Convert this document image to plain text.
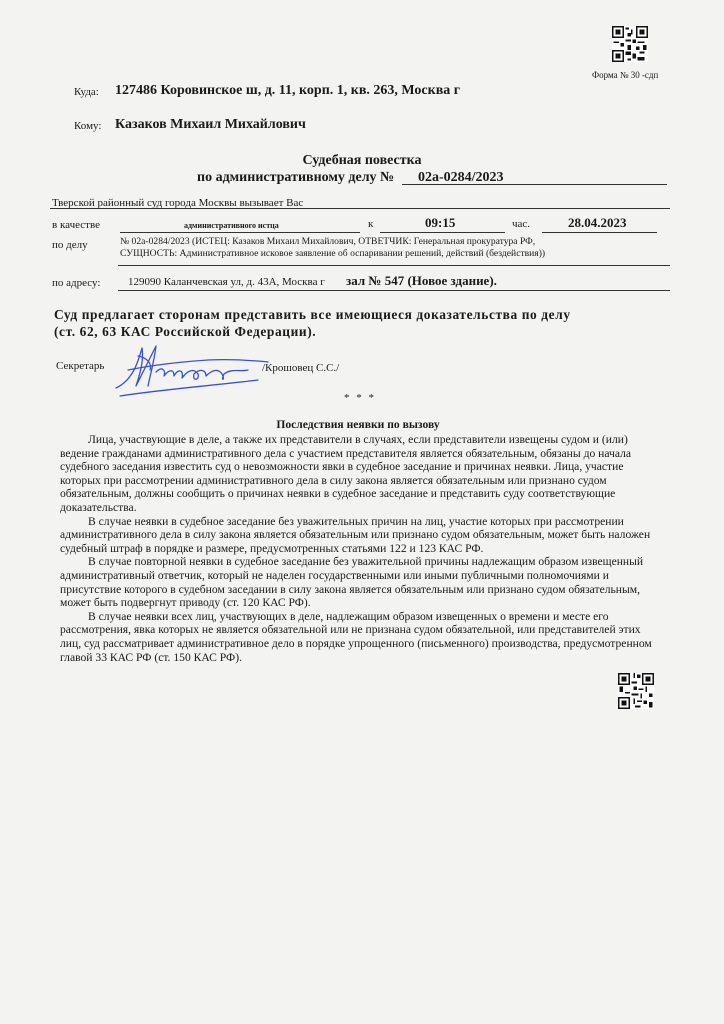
Форма № 30 -сдп
Куда: 127486 Коровинское ш, д. 11, корп. 1, кв. 263, Москва г
Кому: Казаков Михаил Михайлович
Судебная повестка
по административному делу № 02а-0284/2023
Тверской районный суд города Москвы вызывает Вас
в качестве	административного истца	к	09:15	час.	28.04.2023
по делу	№ 02а-0284/2023 (ИСТЕЦ: Казаков Михаил Михайлович, ОТВЕТЧИК: Генеральная прокуратура РФ,
СУЩНОСТЬ: Административное исковое заявление об оспаривании решений, действий (бездействия))
по адресу:	129090 Каланчевская ул, д. 43А, Москва г зал № 547 (Новое здание).
Суд предлагает сторонам представить все имеющиеся доказательства по делу
(ст. 62, 63 КАС Российской Федерации).
Секретарь	/Крошовец С.С./
* * *
Последствия неявки по вызову

Лица, участвующие в деле, а также их представители в случаях, если представители извещены судом и (или) ведение гражданами административного дела с участием представителя является обязательным, обязаны до начала судебного заседания известить суд о невозможности явки в судебное заседание и причинах неявки. Лица, участие которых при рассмотрении административного дела в силу закона является обязательным или признано судом обязательным, должны сообщить о причинах неявки в судебное заседание и представить суду соответствующие доказательства.

В случае неявки в судебное заседание без уважительных причин на лиц, участие которых при рассмотрении административного дела в силу закона является обязательным или признано судом обязательным, может быть наложен судебный штраф в порядке и размере, предусмотренных статьями 122 и 123 КАС РФ.

В случае повторной неявки в судебное заседание без уважительной причины надлежащим образом извещенный административный ответчик, который не наделен государственными или иными публичными полномочиями и присутствие которого в судебном заседании в силу закона является обязательным или признано судом обязательным, может быть подвергнут приводу (ст. 120 КАС РФ).

В случае неявки всех лиц, участвующих в деле, надлежащим образом извещенных о времени и месте его рассмотрения, явка которых не является обязательной или не признана судом обязательной, или представителей этих лиц, суд рассматривает административное дело в порядке упрощенного (письменного) производства, предусмотренном главой 33 КАС РФ (ст. 150 КАС РФ).
